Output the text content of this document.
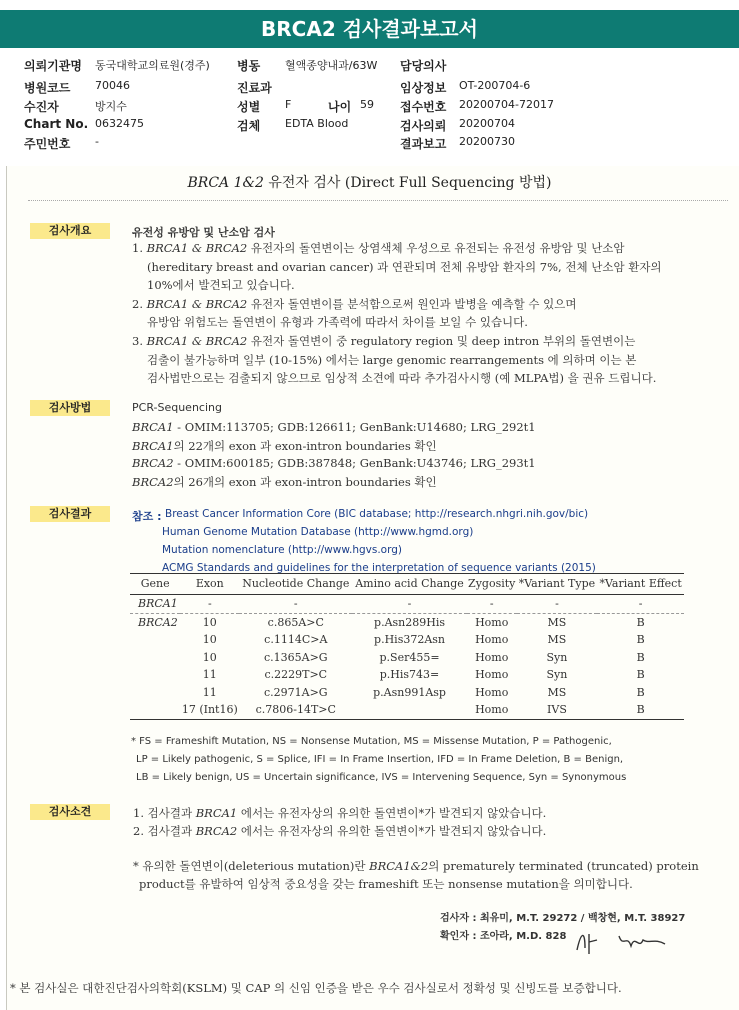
BRCA2 검사결과보고서
의뢰기관명 동국대학교의료원(경주) 병동 혈액종양내과/63W 담당의사
병원코드 70046	진료과	임상정보 OT-200704-6
수진자	방지수	성별 F	나이 59 접수번호 20200704-72017
Chart No. 0632475	검체 EDTA Blood	검사의뢰 20200704
주민번호 -	결과보고 20200730
BRCA 1&2 유전자 검사 (Direct Full Sequencing 방법)
검사개요	유전성 유방암 및 난소암 검사
1. BRCA1 & BRCA2 유전자의 돌연변이는 상염색체 우성으로 유전되는 유전성 유방암 및 난소암
(hereditary breast and ovarian cancer) 과 연관되며 전체 유방암 환자의 7%, 전체 난소암 환자의
10%에서 발견되고 있습니다.
2. BRCA1 & BRCA2 유전자 돌연변이를 분석함으로써 원인과 발병을 예측할 수 있으며
유방암 위험도는 돌연변이 유형과 가족력에 따라서 차이를 보일 수 있습니다.
3. BRCA1 & BRCA2 유전자 돌연변이 중 regulatory region 및 deep intron 부위의 돌연변이는
검출이 불가능하며 일부 (10-15%) 에서는 large genomic rearrangements 에 의하며 이는 본
검사법만으로는 검출되지 않으므로 임상적 소견에 따라 추가검사시행 (예 MLPA법) 을 권유 드립니다.
검사방법	PCR-Sequencing
BRCA1 - OMIM:113705; GDB:126611; GenBank:U14680; LRG_292t1
BRCA1의 22개의 exon 과 exon-intron boundaries 확인
BRCA2 - OMIM:600185; GDB:387848; GenBank:U43746; LRG_293t1
BRCA2의 26개의 exon 과 exon-intron boundaries 확인
검사결과	참조 : Breast Cancer Information Core (BIC database; http://research.nhgri.nih.gov/bic)
Human Genome Mutation Database (http://www.hgmd.org)
Mutation nomenclature (http://www.hgvs.org)
ACMG Standards and guidelines for the interpretation of sequence variants (2015)
Gene	Exon	Nucleotide Change	Amino acid Change	Zygosity	*Variant Type	*Variant Effect
BRCA1	-	-	-	-	-	-
BRCA2	10	c.865A>C	p.Asn289His	Homo	MS	B
	10	c.1114C>A	p.His372Asn	Homo	MS	B
	10	c.1365A>G	p.Ser455=	Homo	Syn	B
	11	c.2229T>C	p.His743=	Homo	Syn	B
	11	c.2971A>G	p.Asn991Asp	Homo	MS	B
	17 (Int16)	c.7806-14T>C		Homo	IVS	B
* FS = Frameshift Mutation, NS = Nonsense Mutation, MS = Missense Mutation, P = Pathogenic,
LP = Likely pathogenic, S = Splice, IFI = In Frame Insertion, IFD = In Frame Deletion, B = Benign,
LB = Likely benign, US = Uncertain significance, IVS = Intervening Sequence, Syn = Synonymous
검사소견	1. 검사결과 BRCA1 에서는 유전자상의 유의한 돌연변이*가 발견되지 않았습니다.
2. 검사결과 BRCA2 에서는 유전자상의 유의한 돌연변이*가 발견되지 않았습니다.
* 유의한 돌연변이(deleterious mutation)란 BRCA1&2의 prematurely terminated (truncated) protein
product를 유발하여 임상적 중요성을 갖는 frameshift 또는 nonsense mutation을 의미합니다.
검사자 : 최유미, M.T. 29272 / 백창현, M.T. 38927
확인자 : 조아라, M.D. 828
* 본 검사실은 대한진단검사의학회(KSLM) 및 CAP 의 신임 인증을 받은 우수 검사실로서 정확성 및 신빙도를 보증합니다.
